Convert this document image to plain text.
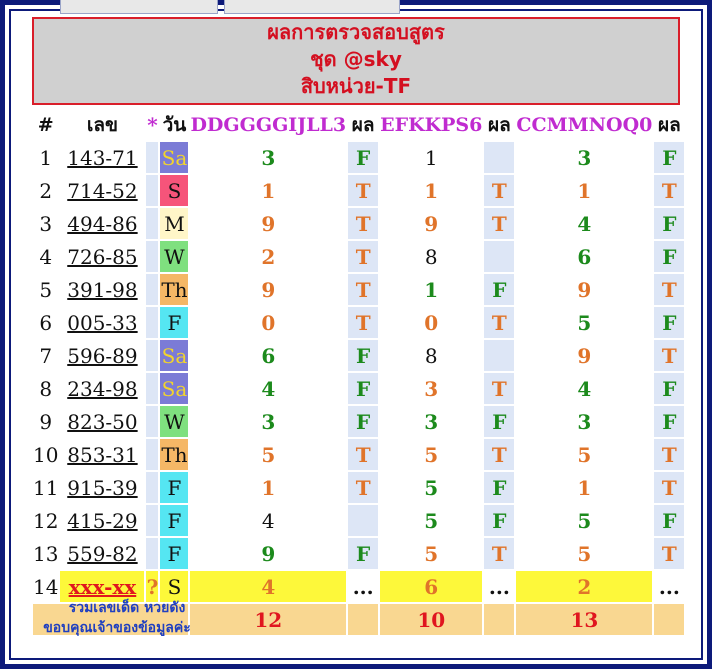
ผลการตรวจสอบสูตร
ชุด @sky
สิบหน่วย-TF
#	เลข	*	วัน	DDGGGGIJLL3	ผล	EFKKPS6	ผล	CCMMNOQ0	ผล
1	143-71		Sa	3	F	1		3	F
2	714-52		S	1	T	1	T	1	T
3	494-86		M	9	T	9	T	4	F
4	726-85		W	2	T	8		6	F
5	391-98		Th	9	T	1	F	9	T
6	005-33		F	0	T	0	T	5	F
7	596-89		Sa	6	F	8		9	T
8	234-98		Sa	4	F	3	T	4	F
9	823-50		W	3	F	3	F	3	F
10	853-31		Th	5	T	5	T	5	T
11	915-39		F	1	T	5	F	1	T
12	415-29		F	4		5	F	5	F
13	559-82		F	9	F	5	T	5	T
14	xxx-xx	?	S	4	...	6	...	2	...
				12		10		13	
รวมเลขเด็ด หวยดัง
ขอบคุณเจ้าของข้อมูลค่ะ
